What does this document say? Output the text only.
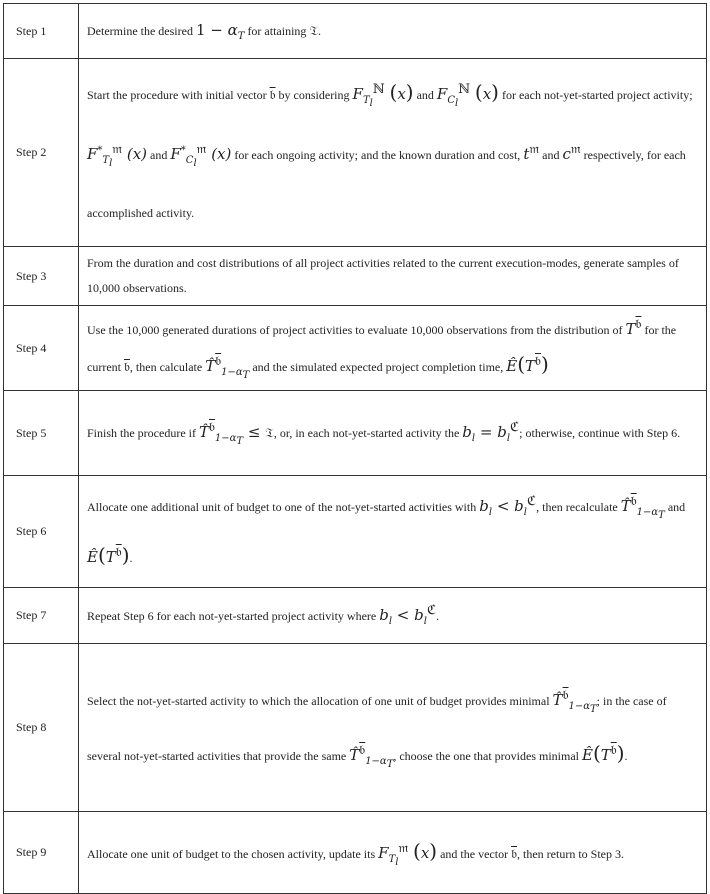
Step 1	Determine the desired $1 - \alpha_T$ for attaining 𝔗.
Step 2	Start the procedure with initial vector 𝔟 by considering $F_{T_l}^ℕ$ (x) and $F_{C_l}^ℕ$ (x) for each not-yet-started project activity; $F^*_{T_l}^𝔪$ (x) and $F^*_{C_l}^𝔪$ (x) for each ongoing activity; and the known duration and cost, $t^𝔪$ and $c^𝔪$ respectively, for each accomplished activity.
Step 3	From the duration and cost distributions of all project activities related to the current execution-modes, generate samples of 10,000 observations.
Step 4	Use the 10,000 generated durations of project activities to evaluate 10,000 observations from the distribution of $T^𝔟$ for the current 𝔟, then calculate T̂$^𝔟_{1-\alpha_T}$ and the simulated expected project completion time, $Ê(T^𝔟)$
Step 5	Finish the procedure if T̂$^𝔟_{1-\alpha_T}$ ≤ 𝔗, or, in each not-yet-started activity the $b_l = b_l^ℭ$; otherwise, continue with Step 6.
Step 6	Allocate one additional unit of budget to one of the not-yet-started activities with $b_l < b_l^ℭ$, then recalculate T̂$^𝔟_{1-\alpha_T}$ and $Ê(T^𝔟)$.
Step 7	Repeat Step 6 for each not-yet-started project activity where $b_l < b_l^ℭ$.
Step 8	Select the not-yet-started activity to which the allocation of one unit of budget provides minimal T̂$^𝔟_{1-\alpha_T}$; in the case of several not-yet-started activities that provide the same T̂$^𝔟_{1-\alpha_T}$, choose the one that provides minimal $Ê(T^𝔟)$.
Step 9	Allocate one unit of budget to the chosen activity, update its $F_{T_l}^𝔪$ (x) and the vector 𝔟, then return to Step 3.
